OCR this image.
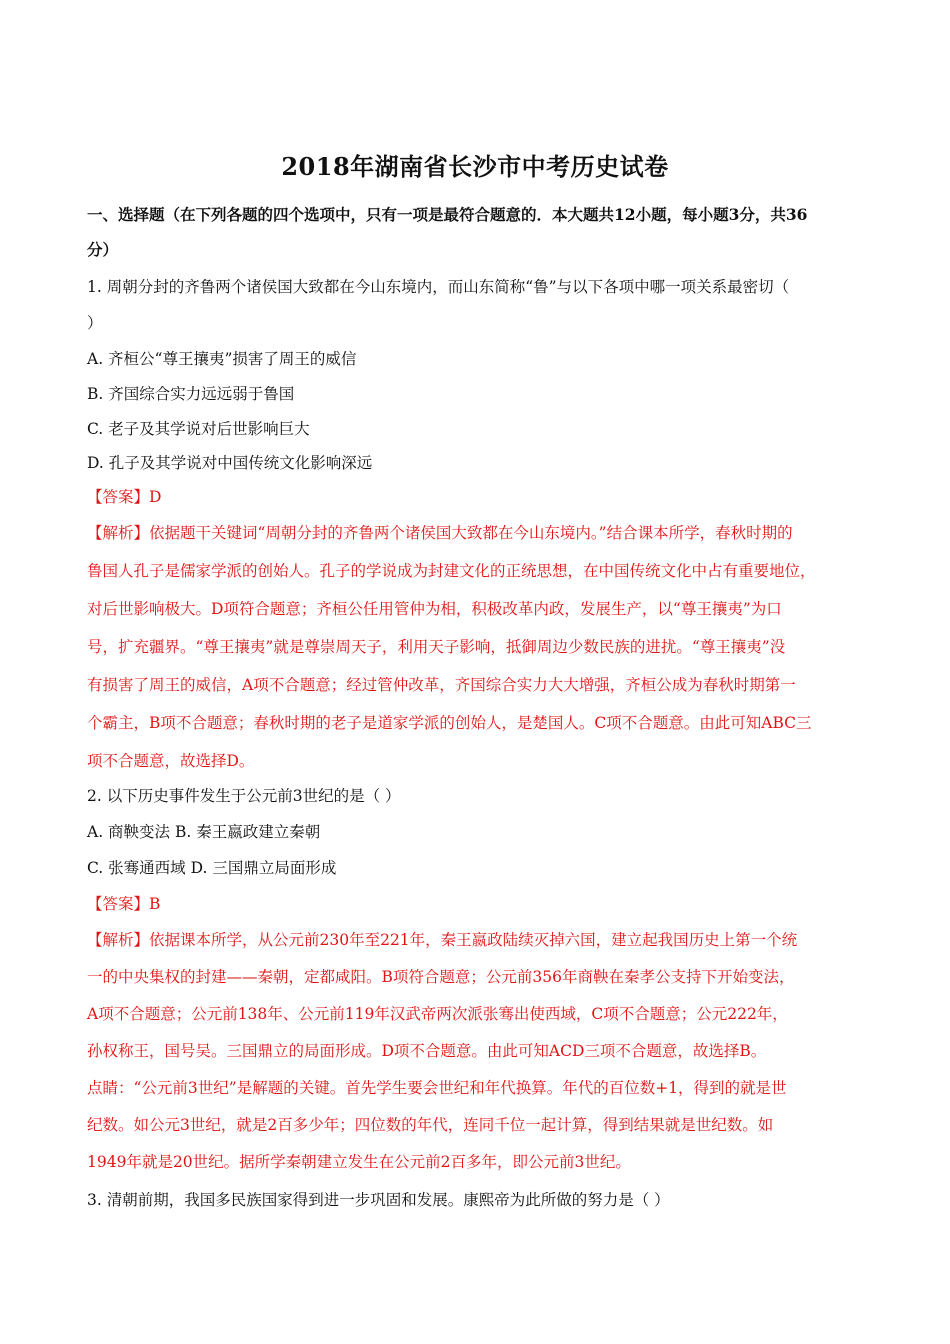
2018年湖南省长沙市中考历史试卷
一、选择题（在下列各题的四个选项中，只有一项是最符合题意的．本大题共12小题，每小题3分，共36
分）
1. 周朝分封的齐鲁两个诸侯国大致都在今山东境内，而山东简称“鲁”与以下各项中哪一项关系最密切（
）
A. 齐桓公“尊王攘夷”损害了周王的威信
B. 齐国综合实力远远弱于鲁国
C. 老子及其学说对后世影响巨大
D. 孔子及其学说对中国传统文化影响深远
【答案】D
【解析】依据题干关键词“周朝分封的齐鲁两个诸侯国大致都在今山东境内。”结合课本所学，春秋时期的
鲁国人孔子是儒家学派的创始人。孔子的学说成为封建文化的正统思想，在中国传统文化中占有重要地位，
对后世影响极大。D项符合题意；齐桓公任用管仲为相，积极改革内政，发展生产，以“尊王攘夷”为口
号，扩充疆界。“尊王攘夷”就是尊崇周天子，利用天子影响，抵御周边少数民族的进扰。“尊王攘夷”没
有损害了周王的威信，A项不合题意；经过管仲改革，齐国综合实力大大增强，齐桓公成为春秋时期第一
个霸主，B项不合题意；春秋时期的老子是道家学派的创始人，是楚国人。C项不合题意。由此可知ABC三
项不合题意，故选择D。
2. 以下历史事件发生于公元前3世纪的是（ ）
A. 商鞅变法 B. 秦王嬴政建立秦朝
C. 张骞通西域 D. 三国鼎立局面形成
【答案】B
【解析】依据课本所学，从公元前230年至221年，秦王嬴政陆续灭掉六国，建立起我国历史上第一个统
一的中央集权的封建——秦朝，定都咸阳。B项符合题意；公元前356年商鞅在秦孝公支持下开始变法，
A项不合题意；公元前138年、公元前119年汉武帝两次派张骞出使西域，C项不合题意；公元222年，
孙权称王，国号吴。三国鼎立的局面形成。D项不合题意。由此可知ACD三项不合题意，故选择B。
点睛：“公元前3世纪”是解题的关键。首先学生要会世纪和年代换算。年代的百位数+1，得到的就是世
纪数。如公元3世纪，就是2百多少年；四位数的年代，连同千位一起计算，得到结果就是世纪数。如
1949年就是20世纪。据所学秦朝建立发生在公元前2百多年，即公元前3世纪。
3. 清朝前期，我国多民族国家得到进一步巩固和发展。康熙帝为此所做的努力是（ ）
